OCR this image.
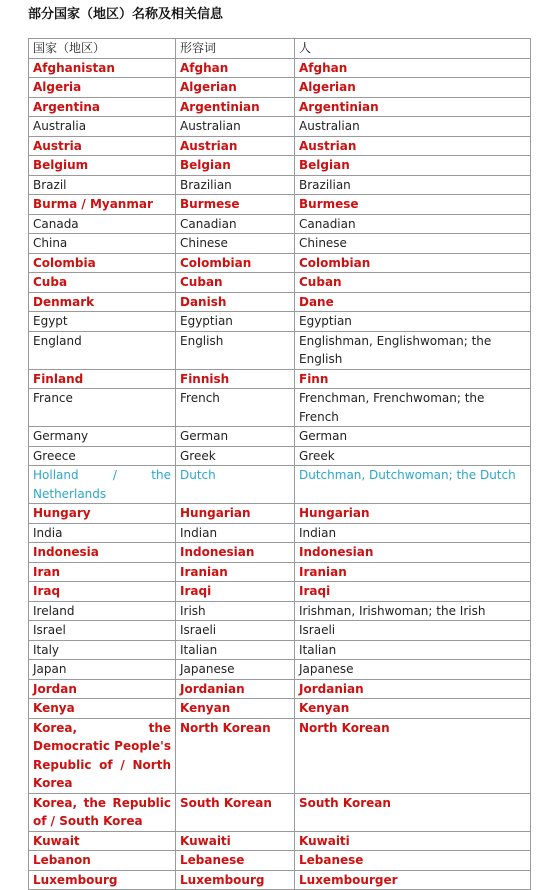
部分国家（地区）名称及相关信息
国家（地区）	形容词	人
Afghanistan	Afghan	Afghan
Algeria	Algerian	Algerian
Argentina	Argentinian	Argentinian
Australia	Australian	Australian
Austria	Austrian	Austrian
Belgium	Belgian	Belgian
Brazil	Brazilian	Brazilian
Burma / Myanmar	Burmese	Burmese
Canada	Canadian	Canadian
China	Chinese	Chinese
Colombia	Colombian	Colombian
Cuba	Cuban	Cuban
Denmark	Danish	Dane
Egypt	Egyptian	Egyptian
England	English	Englishman, Englishwoman; the English
Finland	Finnish	Finn
France	French	Frenchman, Frenchwoman; the French
Germany	German	German
Greece	Greek	Greek
Holland / the Netherlands	Dutch	Dutchman, Dutchwoman; the Dutch
Hungary	Hungarian	Hungarian
India	Indian	Indian
Indonesia	Indonesian	Indonesian
Iran	Iranian	Iranian
Iraq	Iraqi	Iraqi
Ireland	Irish	Irishman, Irishwoman; the Irish
Israel	Israeli	Israeli
Italy	Italian	Italian
Japan	Japanese	Japanese
Jordan	Jordanian	Jordanian
Kenya	Kenyan	Kenyan
Korea, the Democratic People's Republic of / North Korea	North Korean	North Korean
Korea, the Republic of / South Korea	South Korean	South Korean
Kuwait	Kuwaiti	Kuwaiti
Lebanon	Lebanese	Lebanese
Luxembourg	Luxembourg	Luxembourger
